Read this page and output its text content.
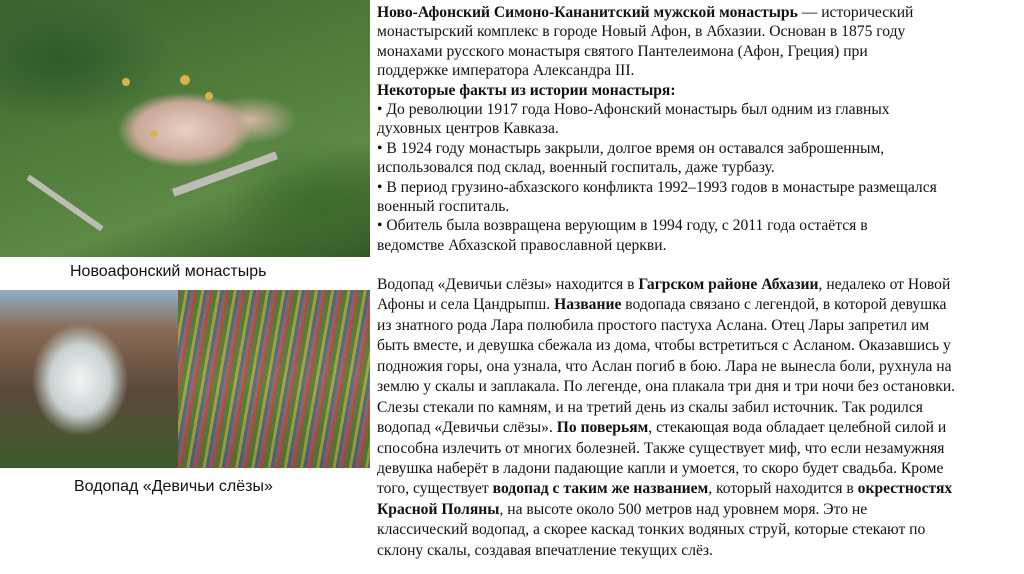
Новоафонский монастырь
Водопад «Девичьи слёзы»
Ново-Афонский Симоно-Кананитский мужской монастырь — исторический
монастырский комплекс в городе Новый Афон, в Абхазии. Основан в 1875 году
монахами русского монастыря святого Пантелеимона (Афон, Греция) при
поддержке императора Александра III.
Некоторые факты из истории монастыря:
• До революции 1917 года Ново-Афонский монастырь был одним из главных
духовных центров Кавказа.
• В 1924 году монастырь закрыли, долгое время он оставался заброшенным,
использовался под склад, военный госпиталь, даже турбазу.
• В период грузино-абхазского конфликта 1992–1993 годов в монастыре размещался
военный госпиталь.
• Обитель была возвращена верующим в 1994 году, с 2011 года остаётся в
ведомстве Абхазской православной церкви.
Водопад «Девичьи слёзы» находится в Гагрском районе Абхазии, недалеко от Новой
Афоны и села Цандрыпш. Название водопада связано с легендой, в которой девушка
из знатного рода Лара полюбила простого пастуха Аслана. Отец Лары запретил им
быть вместе, и девушка сбежала из дома, чтобы встретиться с Асланом. Оказавшись у
подножия горы, она узнала, что Аслан погиб в бою. Лара не вынесла боли, рухнула на
землю у скалы и заплакала. По легенде, она плакала три дня и три ночи без остановки.
Слезы стекали по камням, и на третий день из скалы забил источник. Так родился
водопад «Девичьи слёзы». По поверьям, стекающая вода обладает целебной силой и
способна излечить от многих болезней. Также существует миф, что если незамужняя
девушка наберёт в ладони падающие капли и умоется, то скоро будет свадьба. Кроме
того, существует водопад с таким же названием, который находится в окрестностях
Красной Поляны, на высоте около 500 метров над уровнем моря. Это не
классический водопад, а скорее каскад тонких водяных струй, которые стекают по
склону скалы, создавая впечатление текущих слёз.
